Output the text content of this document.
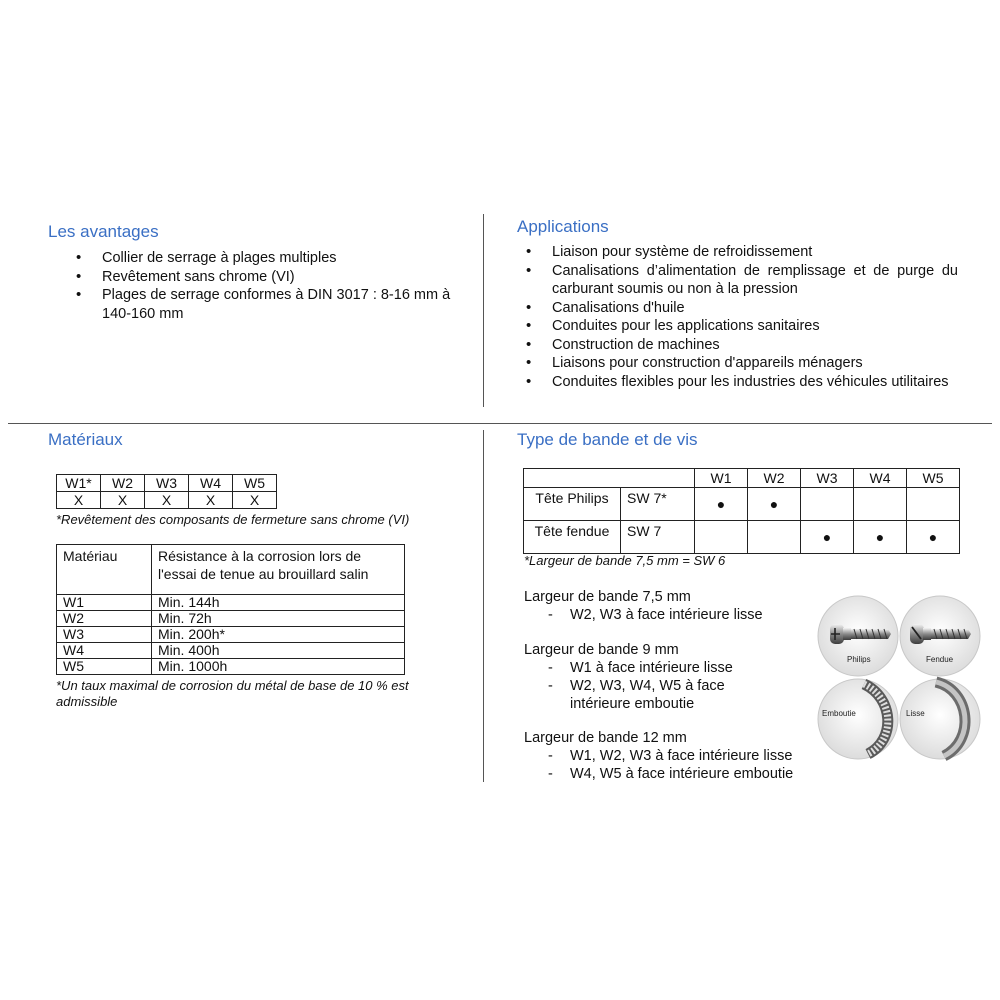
Les avantages
• Collier de serrage à plages multiples
• Revêtement sans chrome (VI)
• Plages de serrage conformes à DIN 3017 : 8-16 mm à 140-160 mm
Applications
• Liaison pour système de refroidissement
• Canalisations d’alimentation de remplissage et de purge du carburant soumis ou non à la pression
• Canalisations d'huile
• Conduites pour les applications sanitaires
• Construction de machines
• Liaisons pour construction d'appareils ménagers
• Conduites flexibles pour les industries des véhicules utilitaires
Matériaux
W1*	W2	W3	W4	W5
X	X	X	X	X

*Revêtement des composants de fermeture sans chrome (VI)

Matériau	Résistance à la corrosion lors de l'essai de tenue au brouillard salin
W1	Min. 144h
W2	Min. 72h
W3	Min. 200h*
W4	Min. 400h
W5	Min. 1000h

*Un taux maximal de corrosion du métal de base de 10 % est admissible

Type de bande et de vis
		W1	W2	W3	W4	W5
Tête Philips	SW 7*	●	●			
Tête fendue	SW 7			●	●	●

*Largeur de bande 7,5 mm = SW 6

Largeur de bande 7,5 mm
- W2, W3 à face intérieure lisse
Largeur de bande 9 mm
- W1 à face intérieure lisse
- W2, W3, W4, W5 à face intérieure emboutie
Largeur de bande 12 mm
- W1, W2, W3 à face intérieure lisse
- W4, W5 à face intérieure emboutie
Philips	Fendue
Emboutie	Lisse
